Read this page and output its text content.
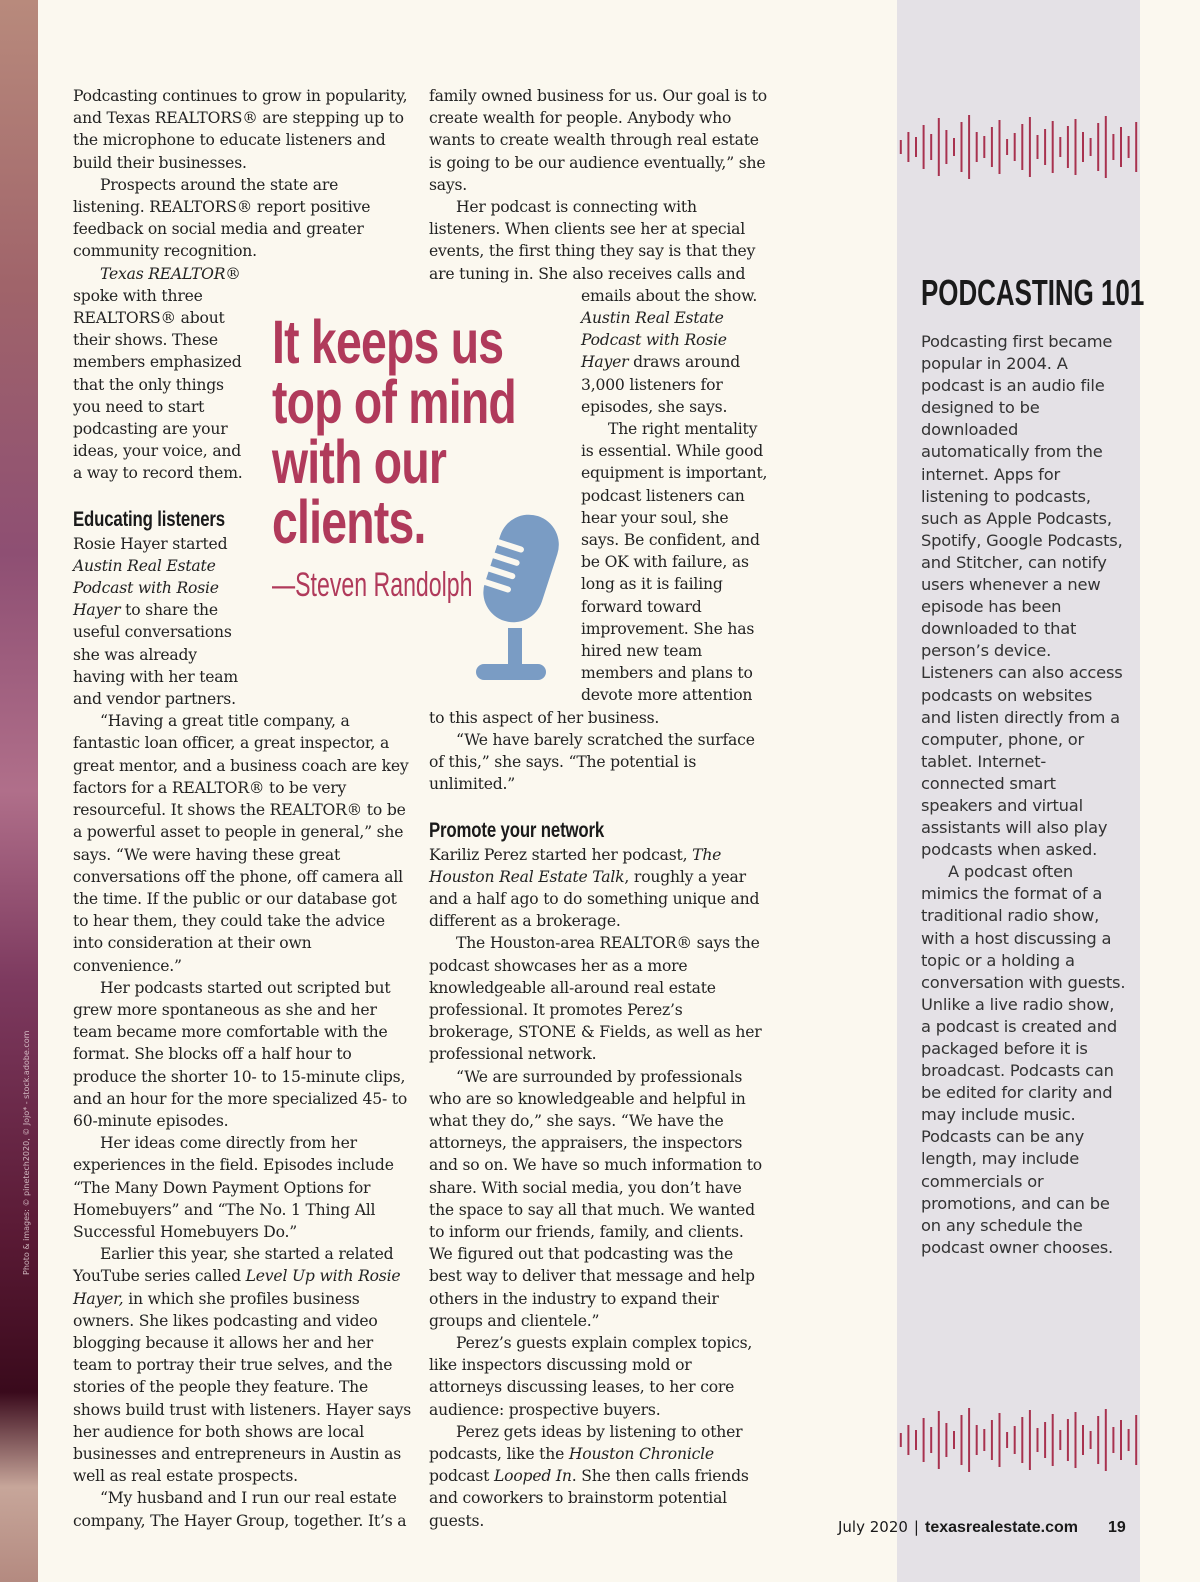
Photo & images: © pinetech2020, © Jojo* - stock.adobe.com

Podcasting continues to grow in popularity, and Texas REALTORS® are stepping up to the microphone to educate listeners and build their businesses.

Prospects around the state are listening. REALTORS® report positive feedback on social media and greater community recognition.

Texas REALTOR® spoke with three REALTORS® about their shows. These members emphasized that the only things you need to start podcasting are your ideas, your voice, and a way to record them.

Educating listeners

Rosie Hayer started Austin Real Estate Podcast with Rosie Hayer to share the useful conversations she was already having with her team and vendor partners.

“Having a great title company, a fantastic loan officer, a great inspector, a great mentor, and a business coach are key factors for a REALTOR® to be very resourceful. It shows the REALTOR® to be a powerful asset to people in general,” she says. “We were having these great conversations off the phone, off camera all the time. If the public or our database got to hear them, they could take the advice into consideration at their own convenience.”

Her podcasts started out scripted but grew more spontaneous as she and her team became more comfortable with the format. She blocks off a half hour to produce the shorter 10- to 15-minute clips, and an hour for the more specialized 45- to 60-minute episodes.

Her ideas come directly from her experiences in the field. Episodes include “The Many Down Payment Options for Homebuyers” and “The No. 1 Thing All Successful Homebuyers Do.”

Earlier this year, she started a related YouTube series called Level Up with Rosie Hayer, in which she profiles business owners. She likes podcasting and video blogging because it allows her and her team to portray their true selves, and the stories of the people they feature. The shows build trust with listeners. Hayer says her audience for both shows are local businesses and entrepreneurs in Austin as well as real estate prospects.

“My husband and I run our real estate company, The Hayer Group, together. It’s a

family owned business for us. Our goal is to create wealth for people. Anybody who wants to create wealth through real estate is going to be our audience eventually,” she says.

Her podcast is connecting with listeners. When clients see her at special events, the first thing they say is that they are tuning in. She also receives calls and

emails about the show.

Austin Real Estate Podcast with Rosie Hayer draws around 3,000 listeners for episodes, she says.

The right mentality is essential. While good equipment is important, podcast listeners can hear your soul, she says. Be confident, and be OK with failure, as long as it is failing forward toward improvement. She has hired new team members and plans to devote more attention

to this aspect of her business.

“We have barely scratched the surface of this,” she says. “The potential is unlimited.”

Promote your network

Kariliz Perez started her podcast, The Houston Real Estate Talk, roughly a year and a half ago to do something unique and different as a brokerage.

The Houston-area REALTOR® says the podcast showcases her as a more knowledgeable all-around real estate professional. It promotes Perez’s brokerage, STONE & Fields, as well as her professional network.

“We are surrounded by professionals who are so knowledgeable and helpful in what they do,” she says. “We have the attorneys, the appraisers, the inspectors and so on. We have so much information to share. With social media, you don’t have the space to say all that much. We wanted to inform our friends, family, and clients. We figured out that podcasting was the best way to deliver that message and help others in the industry to expand their groups and clientele.”

Perez’s guests explain complex topics, like inspectors discussing mold or attorneys discussing leases, to her core audience: prospective buyers.

Perez gets ideas by listening to other podcasts, like the Houston Chronicle podcast Looped In. She then calls friends and coworkers to brainstorm potential guests.

It keeps us
top of mind
with our
clients.
—Steven Randolph
PODCASTING 101

Podcasting first became popular in 2004. A podcast is an audio file designed to be downloaded automatically from the internet. Apps for listening to podcasts, such as Apple Podcasts, Spotify, Google Podcasts, and Stitcher, can notify users whenever a new episode has been downloaded to that person’s device. Listeners can also access podcasts on websites and listen directly from a computer, phone, or tablet. Internet-connected smart speakers and virtual assistants will also play podcasts when asked.

A podcast often mimics the format of a traditional radio show, with a host discussing a topic or a holding a conversation with guests. Unlike a live radio show, a podcast is created and packaged before it is broadcast. Podcasts can be edited for clarity and may include music. Podcasts can be any length, may include commercials or promotions, and can be on any schedule the podcast owner chooses.

July 2020 | texasrealestate.com 19
